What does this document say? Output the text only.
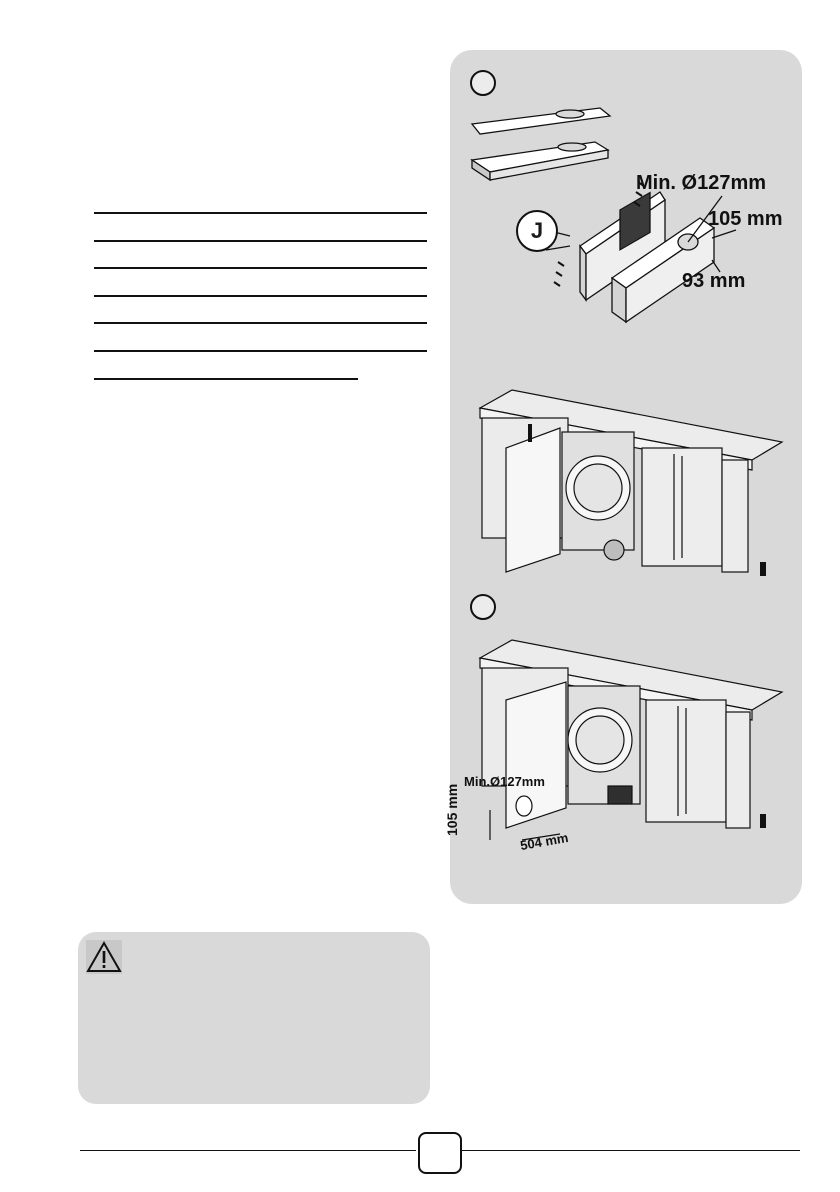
J
Min. Ø127mm
105 mm
93 mm
Min.Ø127mm
105 mm
504 mm
